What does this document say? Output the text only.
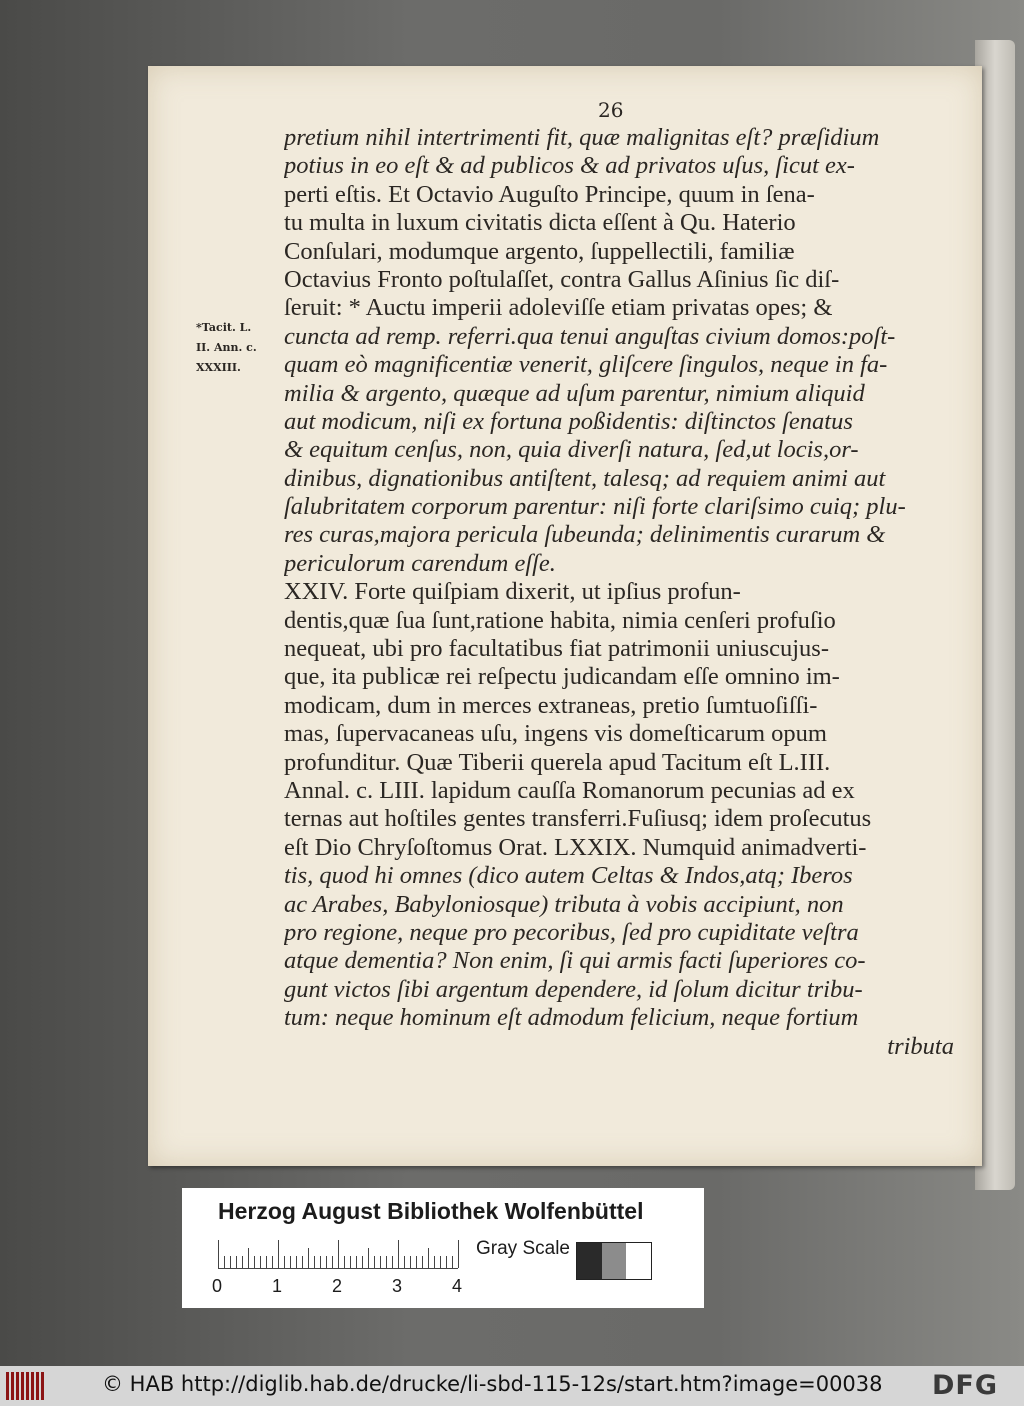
26
*Tacit. L.
II. Ann. c.
XXXIII.
pretium nihil intertrimenti fit, quæ malignitas eſt? præſidium
potius in eo eſt & ad publicos & ad privatos uſus, ſicut ex-
perti eſtis. Et Octavio Auguſto Principe, quum in ſena-
tu multa in luxum civitatis dicta eſſent à Qu. Haterio
Conſulari, modumque argento, ſuppellectili, familiæ
Octavius Fronto poſtulaſſet, contra Gallus Aſinius ſic diſ-
ſeruit: * Auctu imperii adoleviſſe etiam privatas opes; &
cuncta ad remp. referri.qua tenui anguſtas civium domos:poſt-
quam eò magnificentiæ venerit, gliſcere ſingulos, neque in fa-
milia & argento, quæque ad uſum parentur, nimium aliquid
aut modicum, niſi ex fortuna poßidentis: diſtinctos ſenatus
& equitum cenſus, non, quia diverſi natura, ſed,ut locis,or-
dinibus, dignationibus antiſtent, talesq; ad requiem animi aut
ſalubritatem corporum parentur: niſi forte clariſsimo cuiq; plu-
res curas,majora pericula ſubeunda; delinimentis curarum &
periculorum carendum eſſe.
XXIV. Forte quiſpiam dixerit, ut ipſius profun-
dentis,quæ ſua ſunt,ratione habita, nimia cenſeri profuſio
nequeat, ubi pro facultatibus fiat patrimonii uniuscujus-
que, ita publicæ rei reſpectu judicandam eſſe omnino im-
modicam, dum in merces extraneas, pretio ſumtuoſiſſi-
mas, ſupervacaneas uſu, ingens vis domeſticarum opum
profunditur. Quæ Tiberii querela apud Tacitum eſt L.III.
Annal. c. LIII. lapidum cauſſa Romanorum pecunias ad ex
ternas aut hoſtiles gentes transferri.Fuſiusq; idem proſecutus
eſt Dio Chryſoſtomus Orat. LXXIX. Numquid animadverti-
tis, quod hi omnes (dico autem Celtas & Indos,atq; Iberos
ac Arabes, Babyloniosque) tributa à vobis accipiunt, non
pro regione, neque pro pecoribus, ſed pro cupiditate veſtra
atque dementia? Non enim, ſi qui armis facti ſuperiores co-
gunt victos ſibi argentum dependere, id ſolum dicitur tribu-
tum: neque hominum eſt admodum felicium, neque fortium
tributa
Herzog August Bibliothek Wolfenbüttel
0	1	2	3	4
Gray Scale
© HAB http://diglib.hab.de/drucke/li-sbd-115-12s/start.htm?image=00038 DFG
